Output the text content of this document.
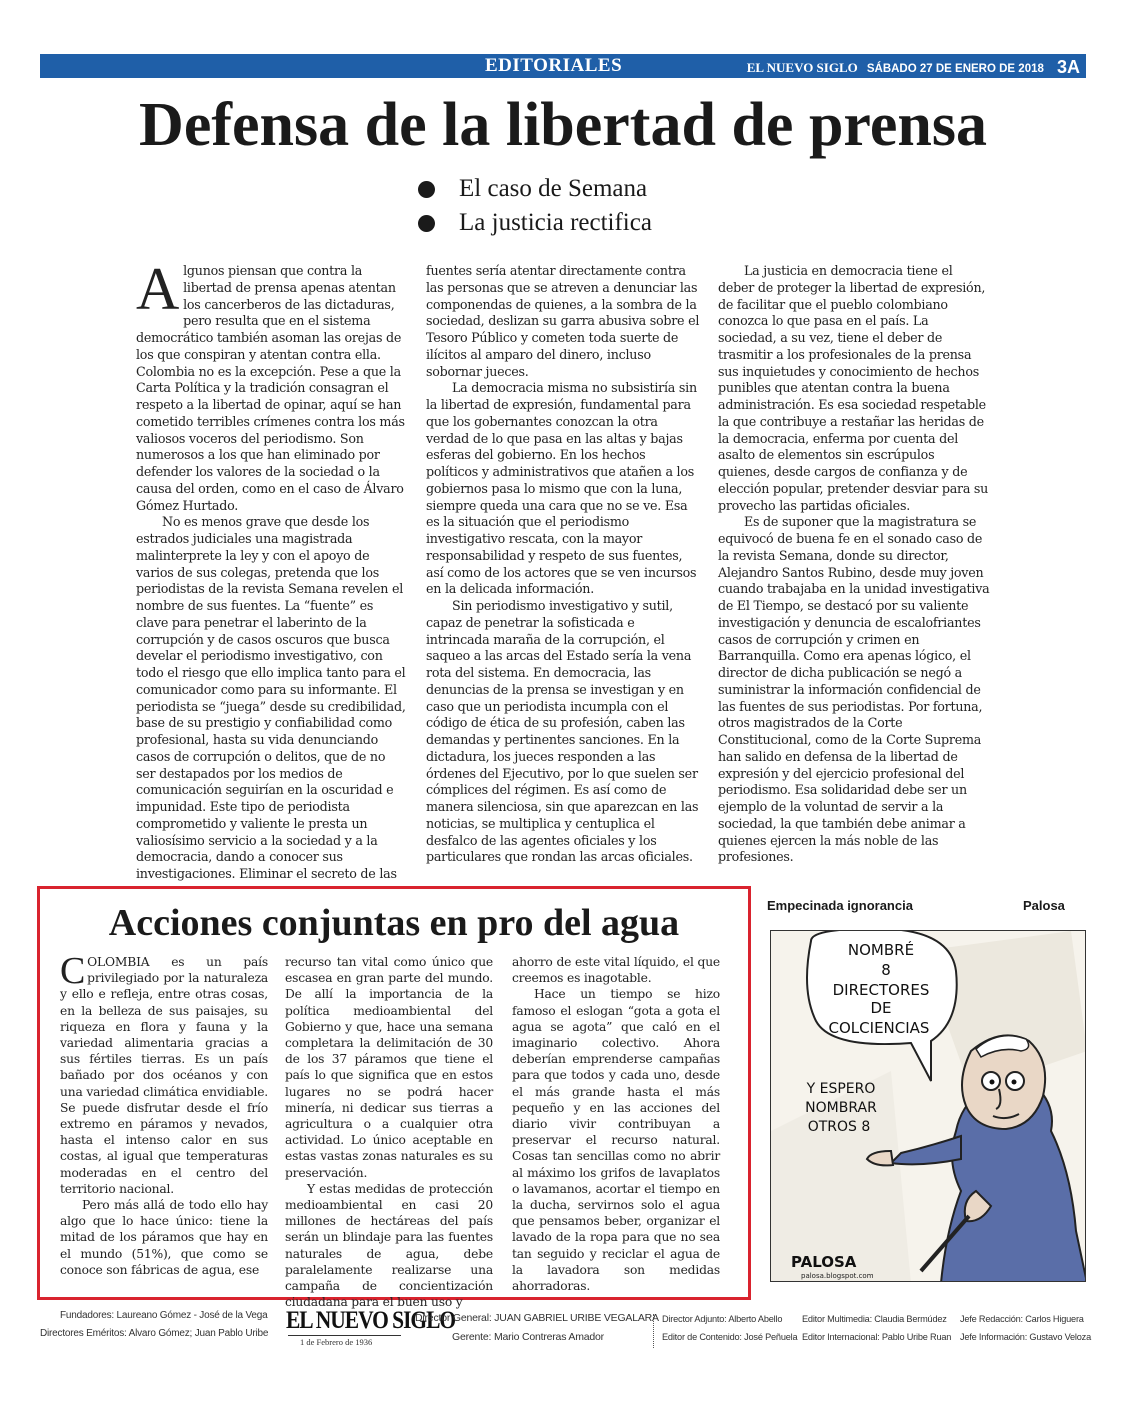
EDITORIALES	EL NUEVO SIGLO SÁBADO 27 DE ENERO DE 2018 3A
Defensa de la libertad de prensa
El caso de Semana
La justicia rectifica

Algunos piensan que contra la libertad de prensa apenas atentan los cancerberos de las dictaduras, pero resulta que en el sistema democrático también asoman las orejas de los que conspiran y atentan contra ella. Colombia no es la excepción. Pese a que la Carta Política y la tradición consagran el respeto a la libertad de opinar, aquí se han cometido terribles crímenes contra los más valiosos voceros del periodismo. Son numerosos a los que han eliminado por defender los valores de la sociedad o la causa del orden, como en el caso de Álvaro Gómez Hurtado.

No es menos grave que desde los estrados judiciales una magistrada malinterprete la ley y con el apoyo de varios de sus colegas, pretenda que los periodistas de la revista Semana revelen el nombre de sus fuentes. La “fuente” es clave para penetrar el laberinto de la corrupción y de casos oscuros que busca develar el periodismo investigativo, con todo el riesgo que ello implica tanto para el comunicador como para su informante. El periodista se “juega” desde su credibilidad, base de su prestigio y confiabilidad como profesional, hasta su vida denunciando casos de corrupción o delitos, que de no ser destapados por los medios de comunicación seguirían en la oscuridad e impunidad. Este tipo de periodista comprometido y valiente le presta un valiosísimo servicio a la sociedad y a la democracia, dando a conocer sus investigaciones. Eliminar el secreto de las

fuentes sería atentar directamente contra las personas que se atreven a denunciar las componendas de quienes, a la sombra de la sociedad, deslizan su garra abusiva sobre el Tesoro Público y cometen toda suerte de ilícitos al amparo del dinero, incluso sobornar jueces.

La democracia misma no subsistiría sin la libertad de expresión, fundamental para que los gobernantes conozcan la otra verdad de lo que pasa en las altas y bajas esferas del gobierno. En los hechos políticos y administrativos que atañen a los gobiernos pasa lo mismo que con la luna, siempre queda una cara que no se ve. Esa es la situación que el periodismo investigativo rescata, con la mayor responsabilidad y respeto de sus fuentes, así como de los actores que se ven incursos en la delicada información.

Sin periodismo investigativo y sutil, capaz de penetrar la sofisticada e intrincada maraña de la corrupción, el saqueo a las arcas del Estado sería la vena rota del sistema. En democracia, las denuncias de la prensa se investigan y en caso que un periodista incumpla con el código de ética de su profesión, caben las demandas y pertinentes sanciones. En la dictadura, los jueces responden a las órdenes del Ejecutivo, por lo que suelen ser cómplices del régimen. Es así como de manera silenciosa, sin que aparezcan en las noticias, se multiplica y centuplica el desfalco de las agentes oficiales y los particulares que rondan las arcas oficiales.

La justicia en democracia tiene el deber de proteger la libertad de expresión, de facilitar que el pueblo colombiano conozca lo que pasa en el país. La sociedad, a su vez, tiene el deber de trasmitir a los profesionales de la prensa sus inquietudes y conocimiento de hechos punibles que atentan contra la buena administración. Es esa sociedad respetable la que contribuye a restañar las heridas de la democracia, enferma por cuenta del asalto de elementos sin escrúpulos quienes, desde cargos de confianza y de elección popular, pretender desviar para su provecho las partidas oficiales.

Es de suponer que la magistratura se equivocó de buena fe en el sonado caso de la revista Semana, donde su director, Alejandro Santos Rubino, desde muy joven cuando trabajaba en la unidad investigativa de El Tiempo, se destacó por su valiente investigación y denuncia de escalofriantes casos de corrupción y crimen en Barranquilla. Como era apenas lógico, el director de dicha publicación se negó a suministrar la información confidencial de las fuentes de sus periodistas. Por fortuna, otros magistrados de la Corte Constitucional, como de la Corte Suprema han salido en defensa de la libertad de expresión y del ejercicio profesional del periodismo. Esa solidaridad debe ser un ejemplo de la voluntad de servir a la sociedad, la que también debe animar a quienes ejercen la más noble de las profesiones.

Acciones conjuntas en pro del agua

COLOMBIA es un país privilegiado por la naturaleza y ello e refleja, entre otras cosas, en la belleza de sus paisajes, su riqueza en flora y fauna y la variedad alimentaria gracias a sus fértiles tierras. Es un país bañado por dos océanos y con una variedad climática envidiable. Se puede disfrutar desde el frío extremo en páramos y nevados, hasta el intenso calor en sus costas, al igual que temperaturas moderadas en el centro del territorio nacional.

Pero más allá de todo ello hay algo que lo hace único: tiene la mitad de los páramos que hay en el mundo (51%), que como se conoce son fábricas de agua, ese

recurso tan vital como único que escasea en gran parte del mundo. De allí la importancia de la política medioambiental del Gobierno y que, hace una semana completara la delimitación de 30 de los 37 páramos que tiene el país lo que significa que en estos lugares no se podrá hacer minería, ni dedicar sus tierras a agricultura o a cualquier otra actividad. Lo único aceptable en estas vastas zonas naturales es su preservación.

Y estas medidas de protección medioambiental en casi 20 millones de hectáreas del país serán un blindaje para las fuentes naturales de agua, debe paralelamente realizarse una campaña de concientización ciudadana para el buen uso y

ahorro de este vital líquido, el que creemos es inagotable.

Hace un tiempo se hizo famoso el eslogan “gota a gota el agua se agota” que caló en el imaginario colectivo. Ahora deberían emprenderse campañas para que todos y cada uno, desde el más grande hasta el más pequeño y en las acciones del diario vivir contribuyan a preservar el recurso natural. Cosas tan sencillas como no abrir al máximo los grifos de lavaplatos o lavamanos, acortar el tiempo en la ducha, servirnos solo el agua que pensamos beber, organizar el lavado de la ropa para que no sea tan seguido y reciclar el agua de la lavadora son medidas ahorradoras.

Empecinada ignorancia	Palosa
NOMBRÉ
8
DIRECTORES
DE
COLCIENCIAS
Y ESPERO
NOMBRAR
OTROS 8
PALOSA
palosa.blogspot.com
Fundadores: Laureano Gómez - José de la Vega
Directores Eméritos: Alvaro Gómez; Juan Pablo Uribe EL NUEVO SIGLO
1 de Febrero de 1936
Director General: JUAN GABRIEL URIBE VEGALARA
Gerente: Mario Contreras Amador
Director Adjunto: Alberto Abello
Editor de Contenido: José Peñuela
Editor Multimedia: Claudia Bermúdez
Editor Internacional: Pablo Uribe Ruan
Jefe Redacción: Carlos Higuera
Jefe Información: Gustavo Veloza
